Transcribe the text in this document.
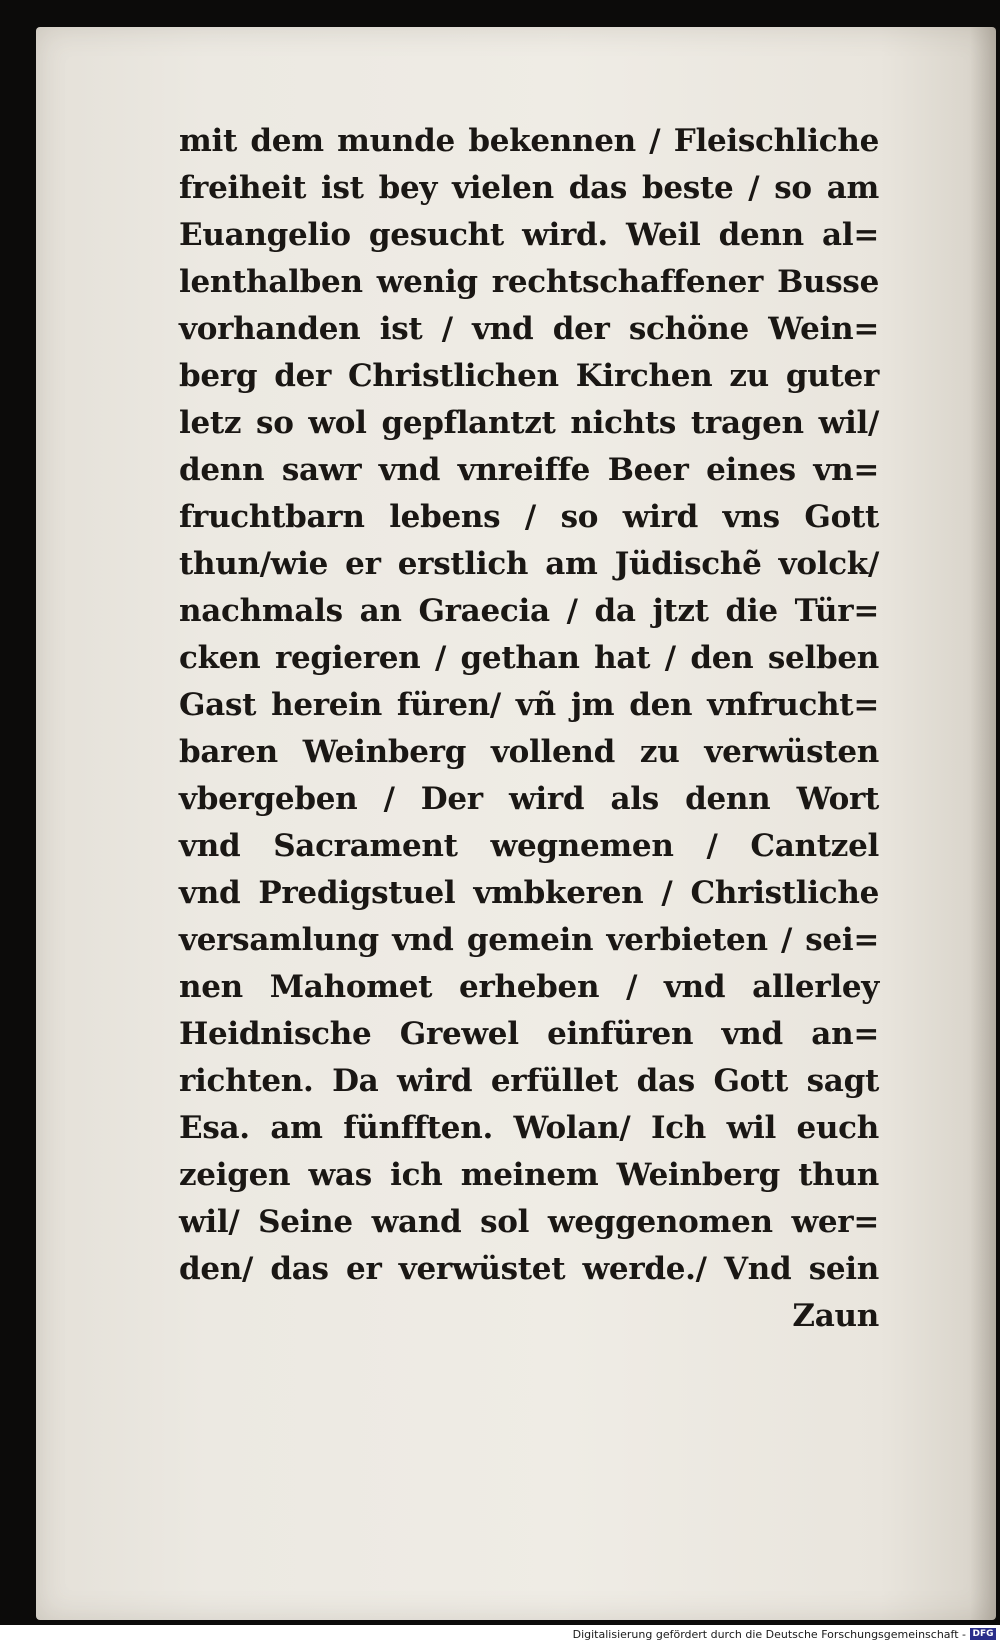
mit dem munde bekennen / Fleischliche
freiheit ist bey vielen das beste / so am
Euangelio gesucht wird. Weil denn al=
lenthalben wenig rechtschaffener Busse
vorhanden ist / vnd der schöne Wein=
berg der Christlichen Kirchen zu guter
letz so wol gepflantzt nichts tragen wil/
denn sawr vnd vnreiffe Beer eines vn=
fruchtbarn lebens / so wird vns Gott
thun/wie er erstlich am Jüdischẽ volck/
nachmals an Graecia / da jtzt die Tür=
cken regieren / gethan hat / den selben
Gast herein füren/ vñ jm den vnfrucht=
baren Weinberg vollend zu verwüsten
vbergeben / Der wird als denn Wort
vnd Sacrament wegnemen / Cantzel
vnd Predigstuel vmbkeren / Christliche
versamlung vnd gemein verbieten / sei=
nen Mahomet erheben / vnd allerley
Heidnische Grewel einfüren vnd an=
richten. Da wird erfüllet das Gott sagt
Esa. am fünfften. Wolan/ Ich wil euch
zeigen was ich meinem Weinberg thun
wil/ Seine wand sol weggenomen wer=
den/ das er verwüstet werde./ Vnd sein
Zaun
Digitalisierung gefördert durch die Deutsche Forschungsgemeinschaft - DFG
